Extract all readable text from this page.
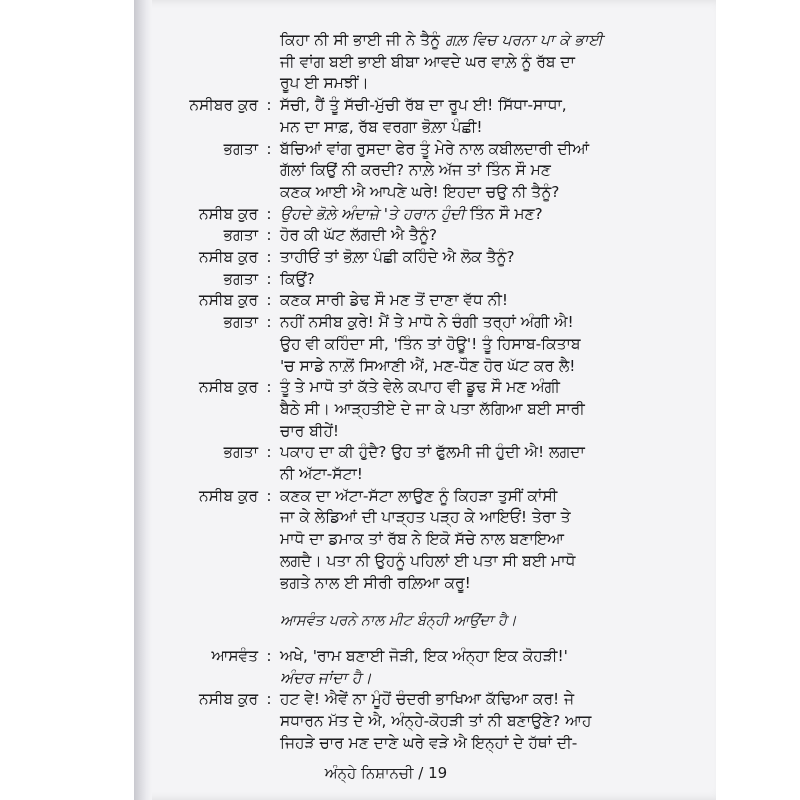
ਕਿਹਾ ਨੀ ਸੀ ਭਾਈ ਜੀ ਨੇ ਤੈਨੂੰ ਗਲ਼ ਵਿਚ ਪਰਨਾ ਪਾ ਕੇ ਭਾਈ
ਜੀ ਵਾਂਗ ਬਈ ਭਾਈ ਬੀਬਾ ਆਵਦੇ ਘਰ ਵਾਲ਼ੇ ਨੂੰ ਰੱਬ ਦਾ
ਰੂਪ ਈ ਸਮਝੀਂ।
ਨਸੀਬਰ ਕੁਰ : ਸੱਚੀ, ਹੈਂ ਤੂੰ ਸੱਚੀ-ਮੁੱਚੀ ਰੱਬ ਦਾ ਰੂਪ ਈ! ਸਿੱਧਾ-ਸਾਧਾ,
ਮਨ ਦਾ ਸਾਫ਼, ਰੱਬ ਵਰਗਾ ਭੋਲ਼ਾ ਪੰਛੀ!
ਭਗਤਾ : ਬੱਚਿਆਂ ਵਾਂਗ ਰੁਸਦਾ ਫੇਰ ਤੂੰ ਮੇਰੇ ਨਾਲ ਕਬੀਲਦਾਰੀ ਦੀਆਂ
ਗੱਲਾਂ ਕਿਉਂ ਨੀ ਕਰਦੀ? ਨਾਲ਼ੇ ਅੱਜ ਤਾਂ ਤਿੰਨ ਸੌ ਮਣ
ਕਣਕ ਆਈ ਐ ਆਪਣੇ ਘਰੇ! ਇਹਦਾ ਚਉ ਨੀ ਤੈਨੂੰ?
ਨਸੀਬ ਕੁਰ : ਉਹਦੇ ਭੋਲ਼ੇ ਅੰਦਾਜ਼ੇ 'ਤੇ ਹਰਾਨ ਹੁੰਦੀ ਤਿੰਨ ਸੌ ਮਣ?
ਭਗਤਾ : ਹੋਰ ਕੀ ਘੱਟ ਲੱਗਦੀ ਐ ਤੈਨੂੰ?
ਨਸੀਬ ਕੁਰ : ਤਾਹੀਓਂ ਤਾਂ ਭੋਲ਼ਾ ਪੰਛੀ ਕਹਿੰਦੇ ਐ ਲੋਕ ਤੈਨੂੰ?
ਭਗਤਾ : ਕਿਉਂ?
ਨਸੀਬ ਕੁਰ : ਕਣਕ ਸਾਰੀ ਡੇਢ ਸੌ ਮਣ ਤੋਂ ਦਾਣਾ ਵੱਧ ਨੀ!
ਭਗਤਾ : ਨਹੀਂ ਨਸੀਬ ਕੁਰੇ! ਮੈਂ ਤੇ ਮਾਧੋ ਨੇ ਚੰਗੀ ਤਰ੍ਹਾਂ ਅੰਗੀ ਐ!
ਉਹ ਵੀ ਕਹਿੰਦਾ ਸੀ, 'ਤਿੰਨ ਤਾਂ ਹੋਊ'! ਤੂੰ ਹਿਸਾਬ-ਕਿਤਾਬ
'ਚ ਸਾਡੇ ਨਾਲ਼ੋਂ ਸਿਆਣੀ ਐਂ, ਮਣ-ਧੌਣ ਹੋਰ ਘੱਟ ਕਰ ਲੈ!
ਨਸੀਬ ਕੁਰ : ਤੂੰ ਤੇ ਮਾਧੋ ਤਾਂ ਕੱਤੇ ਵੇਲੇ ਕਪਾਹ ਵੀ ਡੂਢ ਸੌ ਮਣ ਅੰਗੀ
ਬੈਠੇ ਸੀ। ਆੜ੍ਹਤੀਏ ਦੇ ਜਾ ਕੇ ਪਤਾ ਲੱਗਿਆ ਬਈ ਸਾਰੀ
ਚਾਰ ਬੀਹੇਂ!
ਭਗਤਾ : ਪਕਾਹ ਦਾ ਕੀ ਹੁੰਦੈ? ਉਹ ਤਾਂ ਫੁੱਲਮੀ ਜੀ ਹੁੰਦੀ ਐ! ਲਗਦਾ
ਨੀ ਅੱਟਾ-ਸੱਟਾ!
ਨਸੀਬ ਕੁਰ : ਕਣਕ ਦਾ ਅੱਟਾ-ਸੱਟਾ ਲਾਉਣ ਨੂੰ ਕਿਹੜਾ ਤੁਸੀਂ ਕਾਂਸੀ
ਜਾ ਕੇ ਲੇਡਿਆਂ ਦੀ ਪਾੜ੍ਹਤ ਪੜ੍ਹ ਕੇ ਆਇਓਂ! ਤੇਰਾ ਤੇ
ਮਾਧੋ ਦਾ ਡਮਾਕ ਤਾਂ ਰੱਬ ਨੇ ਇਕੋ ਸੱਚੇ ਨਾਲ ਬਣਾਇਆ
ਲਗਦੈ। ਪਤਾ ਨੀ ਉਹਨੂੰ ਪਹਿਲਾਂ ਈ ਪਤਾ ਸੀ ਬਈ ਮਾਧੋ
ਭਗਤੇ ਨਾਲ ਈ ਸੀਰੀ ਰਲ਼ਿਆ ਕਰੂ!
ਆਸਵੰਤ ਪਰਨੇ ਨਾਲ ਮੀਟ ਬੰਨ੍ਹੀ ਆਉਂਦਾ ਹੈ।
ਆਸਵੰਤ : ਅਖੇ, 'ਰਾਮ ਬਣਾਈ ਜੋੜੀ, ਇਕ ਅੰਨ੍ਹਾ ਇਕ ਕੋਹੜੀ!'
ਅੰਦਰ ਜਾਂਦਾ ਹੈ।
ਨਸੀਬ ਕੁਰ : ਹਟ ਵੇ! ਐਵੇਂ ਨਾ ਮੂੰਹੋਂ ਚੰਦਰੀ ਭਾਖਿਆ ਕੱਢਿਆ ਕਰ! ਜੇ
ਸਧਾਰਨ ਮੱਤ ਦੇ ਐ, ਅੰਨ੍ਹੇ-ਕੋਹੜੀ ਤਾਂ ਨੀ ਬਣਾਉਣੇ? ਆਹ
ਜਿਹੜੇ ਚਾਰ ਮਣ ਦਾਣੇ ਘਰੇ ਵੜੇ ਐ ਇਨ੍ਹਾਂ ਦੇ ਹੱਥਾਂ ਦੀ-
ਅੰਨ੍ਹੇ ਨਿਸ਼ਾਨਚੀ / 19
